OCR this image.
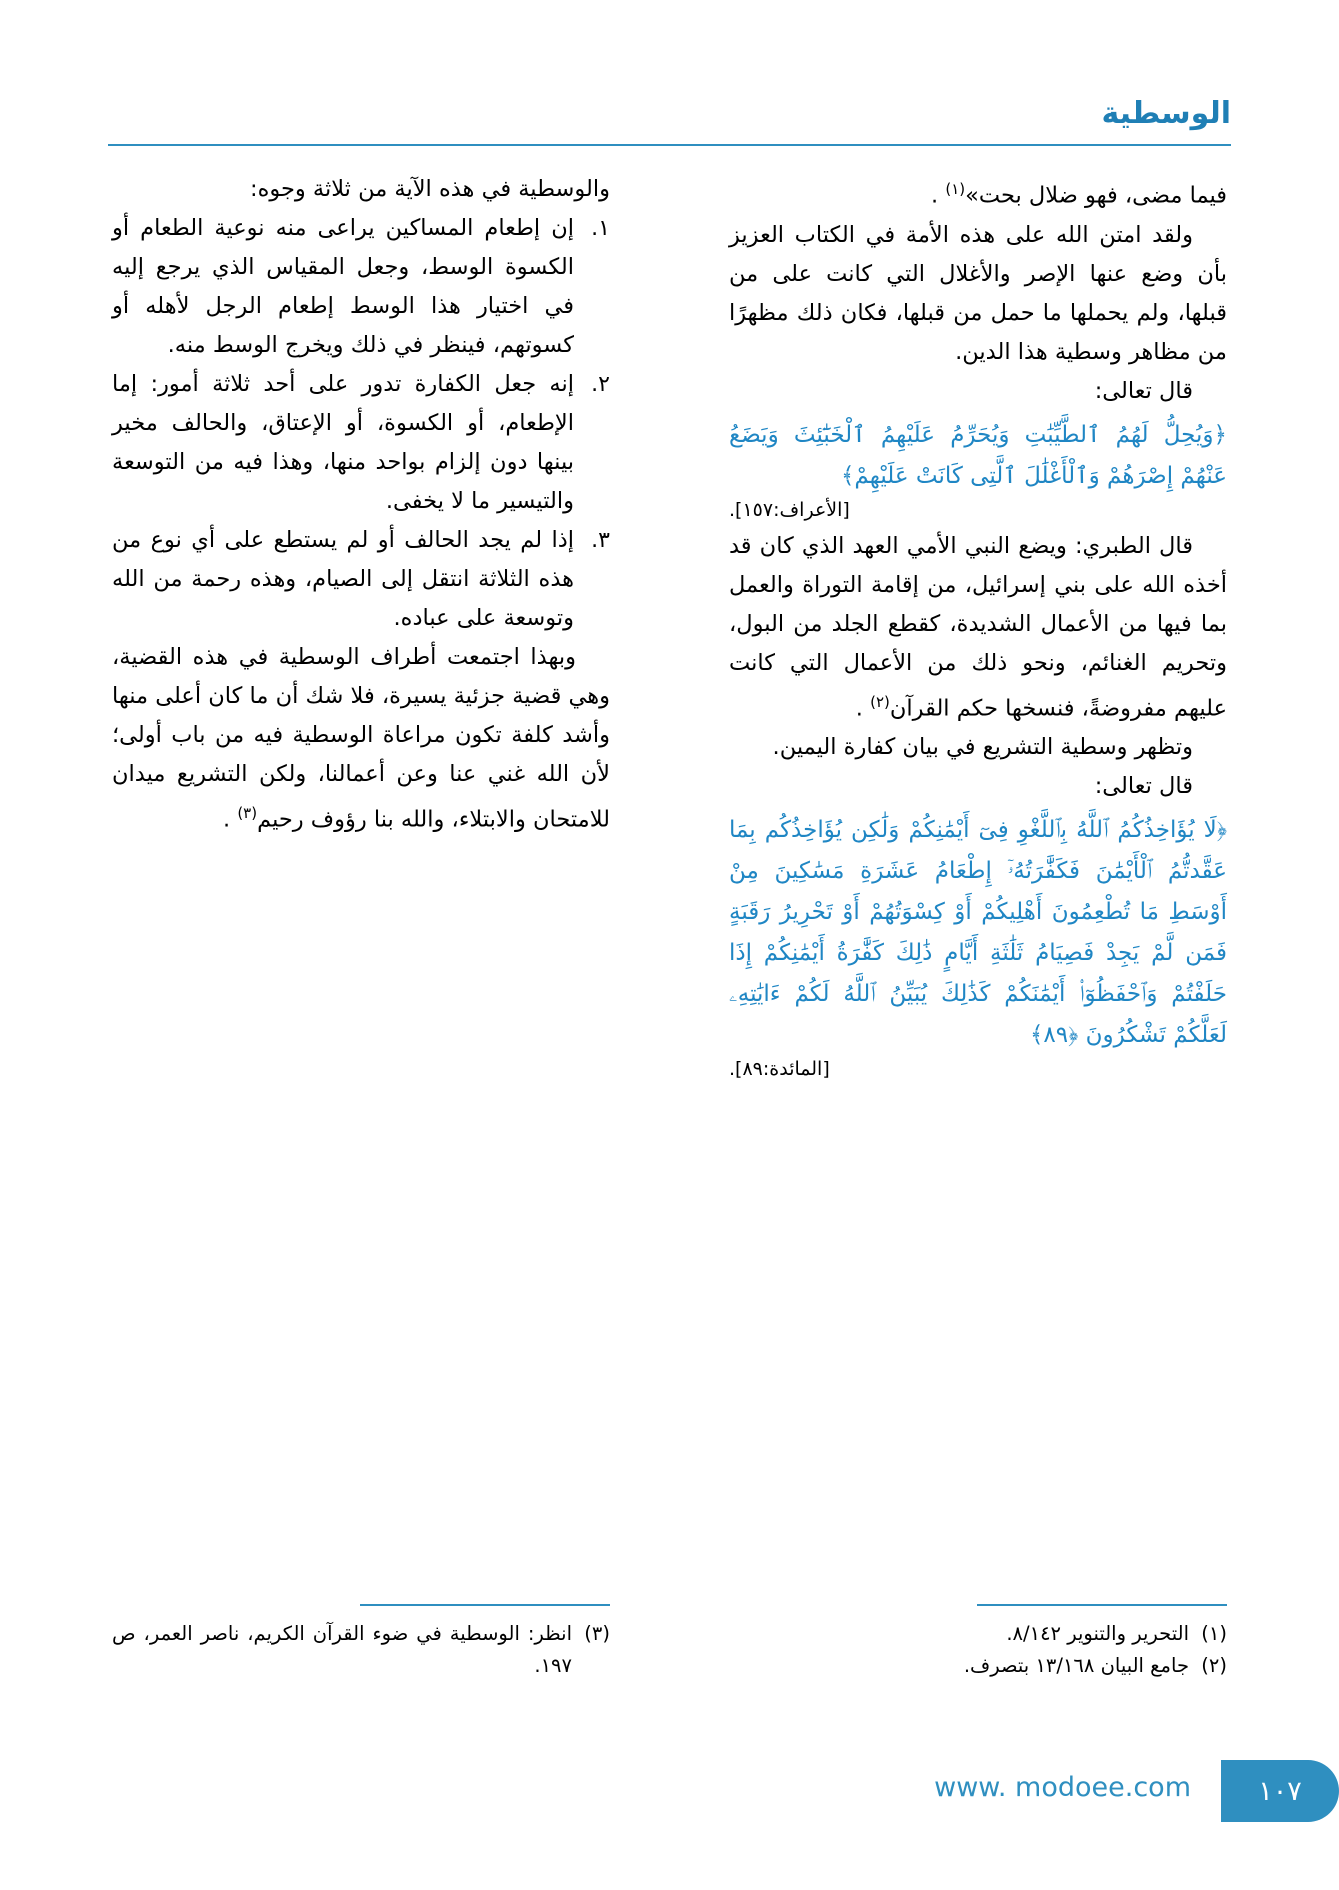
الوسطية

فيما مضى، فهو ضلال بحت»$^{(١)}$ .

ولقد امتن الله على هذه الأمة في الكتاب العزيز بأن وضع عنها الإصر والأغلال التي كانت على من قبلها، ولم يحملها ما حمل من قبلها، فكان ذلك مظهرًا من مظاهر وسطية هذا الدين.

قال تعالى:

﴿وَيُحِلُّ لَهُمُ ٱلطَّيِّبَٰتِ وَيُحَرِّمُ عَلَيْهِمُ ٱلْخَبَٰٓئِثَ وَيَضَعُ عَنْهُمْ إِصْرَهُمْ وَٱلْأَغْلَٰلَ ٱلَّتِى كَانَتْ عَلَيْهِمْ﴾

[الأعراف:١٥٧].

قال الطبري: ويضع النبي الأمي العهد الذي كان قد أخذه الله على بني إسرائيل، من إقامة التوراة والعمل بما فيها من الأعمال الشديدة، كقطع الجلد من البول، وتحريم الغنائم، ونحو ذلك من الأعمال التي كانت عليهم مفروضةً، فنسخها حكم القرآن$^{(٢)}$ .

وتظهر وسطية التشريع في بيان كفارة اليمين.

قال تعالى:

﴿لَا يُؤَاخِذُكُمُ ٱللَّهُ بِٱللَّغْوِ فِىٓ أَيْمَٰنِكُمْ وَلَٰكِن يُؤَاخِذُكُم بِمَا عَقَّدتُّمُ ٱلْأَيْمَٰنَ فَكَفَّٰرَتُهُۥٓ إِطْعَامُ عَشَرَةِ مَسَٰكِينَ مِنْ أَوْسَطِ مَا تُطْعِمُونَ أَهْلِيكُمْ أَوْ كِسْوَتُهُمْ أَوْ تَحْرِيرُ رَقَبَةٍ فَمَن لَّمْ يَجِدْ فَصِيَامُ ثَلَٰثَةِ أَيَّامٍ ذَٰلِكَ كَفَّٰرَةُ أَيْمَٰنِكُمْ إِذَا حَلَفْتُمْ وَٱحْفَظُوٓا۟ أَيْمَٰنَكُمْ كَذَٰلِكَ يُبَيِّنُ ٱللَّهُ لَكُمْ ءَايَٰتِهِۦ لَعَلَّكُمْ تَشْكُرُونَ ﴿٨٩﴾

[المائدة:٨٩].

والوسطية في هذه الآية من ثلاثة وجوه:

١.
إن إطعام المساكين يراعى منه نوعية الطعام أو الكسوة الوسط، وجعل المقياس الذي يرجع إليه في اختيار هذا الوسط إطعام الرجل لأهله أو كسوتهم، فينظر في ذلك ويخرج الوسط منه.
٢.
إنه جعل الكفارة تدور على أحد ثلاثة أمور: إما الإطعام، أو الكسوة، أو الإعتاق، والحالف مخير بينها دون إلزام بواحد منها، وهذا فيه من التوسعة والتيسير ما لا يخفى.
٣.
إذا لم يجد الحالف أو لم يستطع على أي نوع من هذه الثلاثة انتقل إلى الصيام، وهذه رحمة من الله وتوسعة على عباده.

وبهذا اجتمعت أطراف الوسطية في هذه القضية، وهي قضية جزئية يسيرة، فلا شك أن ما كان أعلى منها وأشد كلفة تكون مراعاة الوسطية فيه من باب أولى؛ لأن الله غني عنا وعن أعمالنا، ولكن التشريع ميدان للامتحان والابتلاء، والله بنا رؤوف رحيم$^{(٣)}$ .

(١)
التحرير والتنوير ٨/١٤٢.
(٢)
جامع البيان ١٣/١٦٨ بتصرف.
(٣)
انظر: الوسطية في ضوء القرآن الكريم، ناصر العمر، ص ١٩٧.
١٠٧
www. modoee.com
